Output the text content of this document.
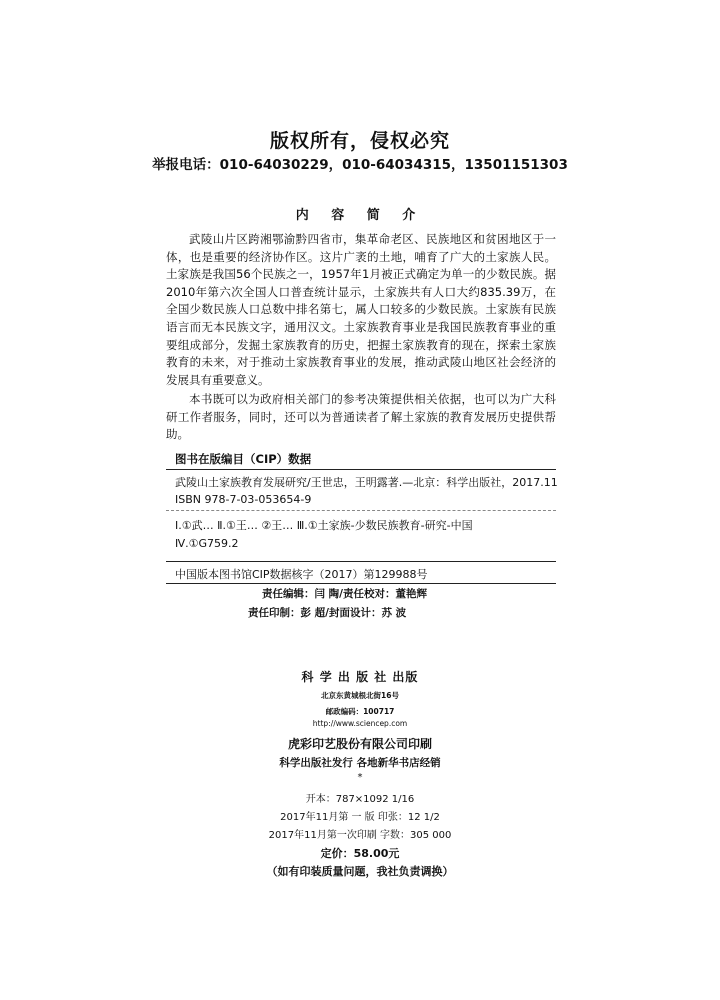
版权所有，侵权必究
举报电话：010-64030229，010-64034315，13501151303
内 容 简 介
武陵山片区跨湘鄂渝黔四省市，集革命老区、民族地区和贫困地区于一体，也是重要的经济协作区。这片广袤的土地，哺育了广大的土家族人民。土家族是我国56个民族之一，1957年1月被正式确定为单一的少数民族。据2010年第六次全国人口普查统计显示，土家族共有人口大约835.39万，在全国少数民族人口总数中排名第七，属人口较多的少数民族。土家族有民族语言而无本民族文字，通用汉文。土家族教育事业是我国民族教育事业的重要组成部分，发掘土家族教育的历史，把握土家族教育的现在，探索土家族教育的未来，对于推动土家族教育事业的发展，推动武陵山地区社会经济的发展具有重要意义。
本书既可以为政府相关部门的参考决策提供相关依据，也可以为广大科研工作者服务，同时，还可以为普通读者了解土家族的教育发展历史提供帮助。
图书在版编目（CIP）数据
武陵山土家族教育发展研究/王世忠，王明露著.—北京：科学出版社，2017.11
ISBN 978-7-03-053654-9
Ⅰ.①武… Ⅱ.①王… ②王… Ⅲ.①土家族-少数民族教育-研究-中国
Ⅳ.①G759.2
中国版本图书馆CIP数据核字（2017）第129988号
责任编辑：闫 陶/责任校对：董艳辉
责任印制：彭 超/封面设计：苏 波
科 学 出 版 社 出版
北京东黄城根北街16号
邮政编码：100717
http://www.sciencep.com
虎彩印艺股份有限公司印刷
科学出版社发行 各地新华书店经销
*
开本：787×1092 1/16
2017年11月第 一 版 印张：12 1/2
2017年11月第一次印刷 字数：305 000
定价：58.00元
（如有印装质量问题，我社负责调换）
